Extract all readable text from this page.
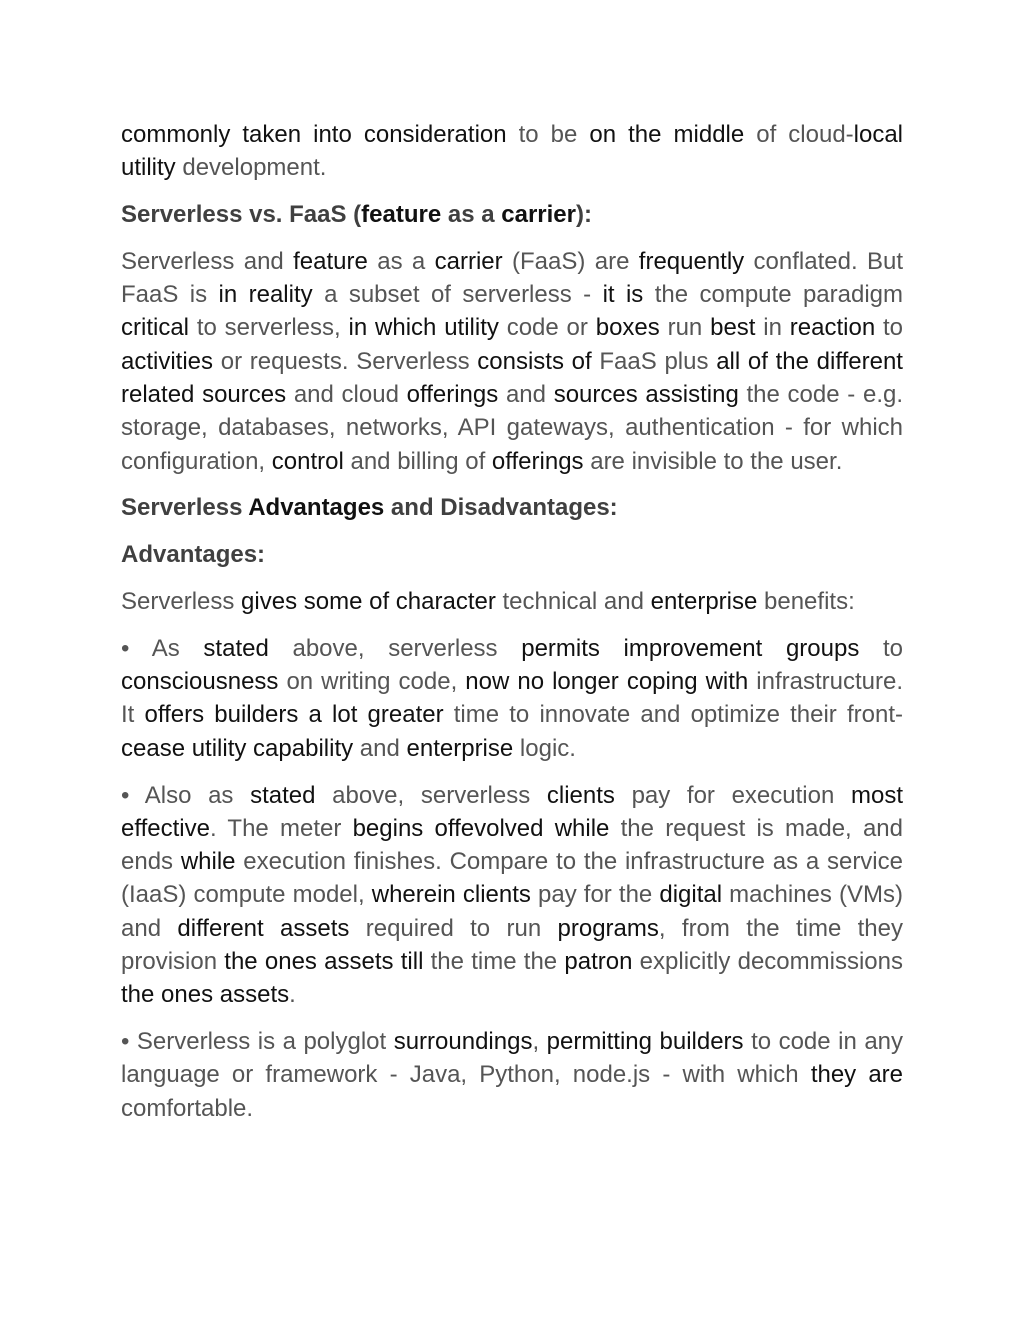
commonly taken into consideration to be on the middle of cloud-local utility development.

Serverless vs. FaaS (feature as a carrier):

Serverless and feature as a carrier (FaaS) are frequently conflated. But FaaS is in reality a subset of serverless - it is the compute paradigm critical to serverless, in which utility code or boxes run best in reaction to activities or requests. Serverless consists of FaaS plus all of the different related sources and cloud offerings and sources assisting the code - e.g. storage, databases, networks, API gateways, authentication - for which configuration, control and billing of offerings are invisible to the user.

Serverless Advantages and Disadvantages:

Advantages:

Serverless gives some of character technical and enterprise benefits:

• As stated above, serverless permits improvement groups to consciousness on writing code, now no longer coping with infrastructure. It offers builders a lot greater time to innovate and optimize their front-cease utility capability and enterprise logic.

• Also as stated above, serverless clients pay for execution most effective. The meter begins offevolved while the request is made, and ends while execution finishes. Compare to the infrastructure as a service (IaaS) compute model, wherein clients pay for the digital machines (VMs) and different assets required to run programs, from the time they provision the ones assets till the time the patron explicitly decommissions the ones assets.

• Serverless is a polyglot surroundings, permitting builders to code in any language or framework - Java, Python, node.js - with which they are comfortable.
